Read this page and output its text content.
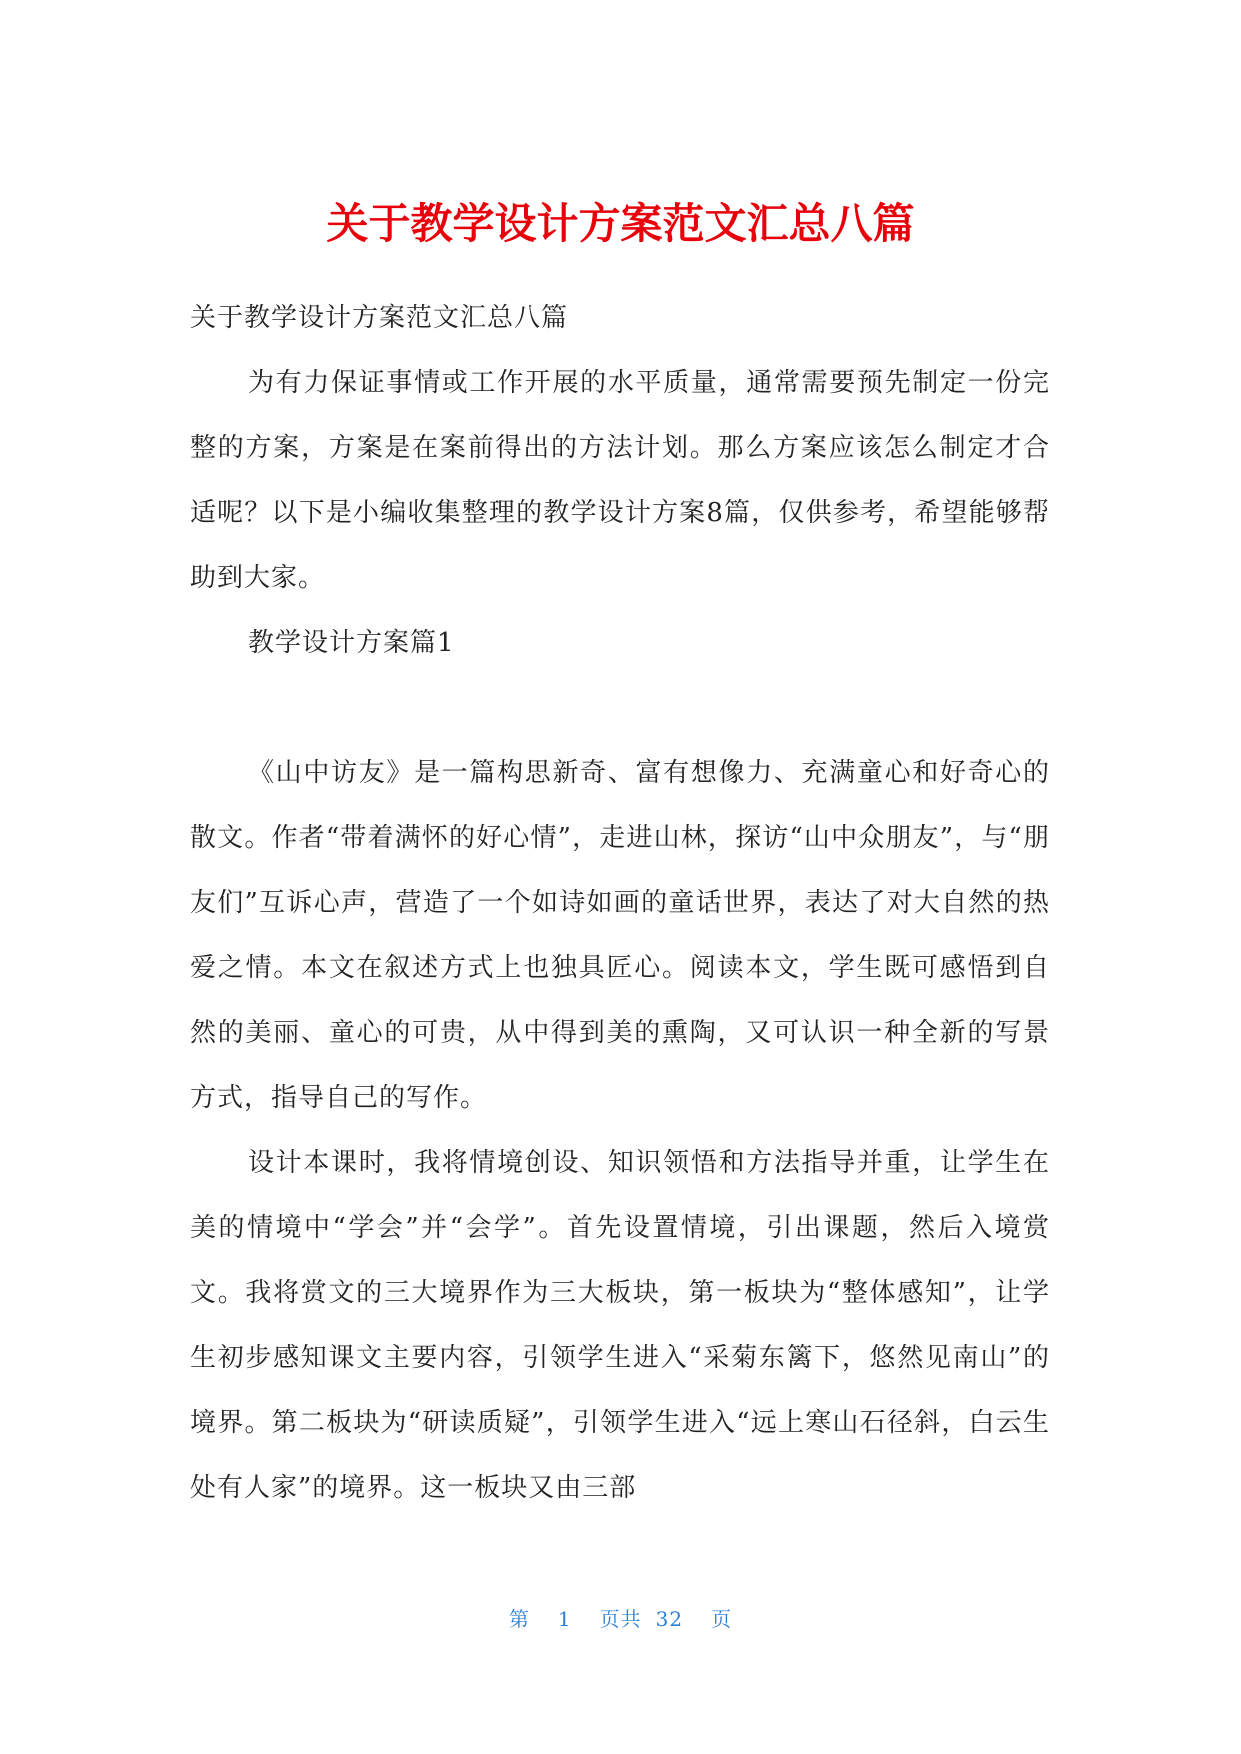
关于教学设计方案范文汇总八篇

关于教学设计方案范文汇总八篇

为有力保证事情或工作开展的水平质量，通常需要预先制定一份完整的方案，方案是在案前得出的方法计划。那么方案应该怎么制定才合适呢？以下是小编收集整理的教学设计方案8篇，仅供参考，希望能够帮助到大家。

教学设计方案篇1

《山中访友》是一篇构思新奇、富有想像力、充满童心和好奇心的散文。作者“带着满怀的好心情”，走进山林，探访“山中众朋友”，与“朋友们”互诉心声，营造了一个如诗如画的童话世界，表达了对大自然的热爱之情。本文在叙述方式上也独具匠心。阅读本文，学生既可感悟到自然的美丽、童心的可贵，从中得到美的熏陶，又可认识一种全新的写景方式，指导自己的写作。

设计本课时，我将情境创设、知识领悟和方法指导并重，让学生在美的情境中“学会”并“会学”。首先设置情境，引出课题，然后入境赏文。我将赏文的三大境界作为三大板块，第一板块为“整体感知”，让学生初步感知课文主要内容，引领学生进入“采菊东篱下，悠然见南山”的境界。第二板块为“研读质疑”，引领学生进入“远上寒山石径斜，白云生处有人家”的境界。这一板块又由三部

第 1 页共 32 页
